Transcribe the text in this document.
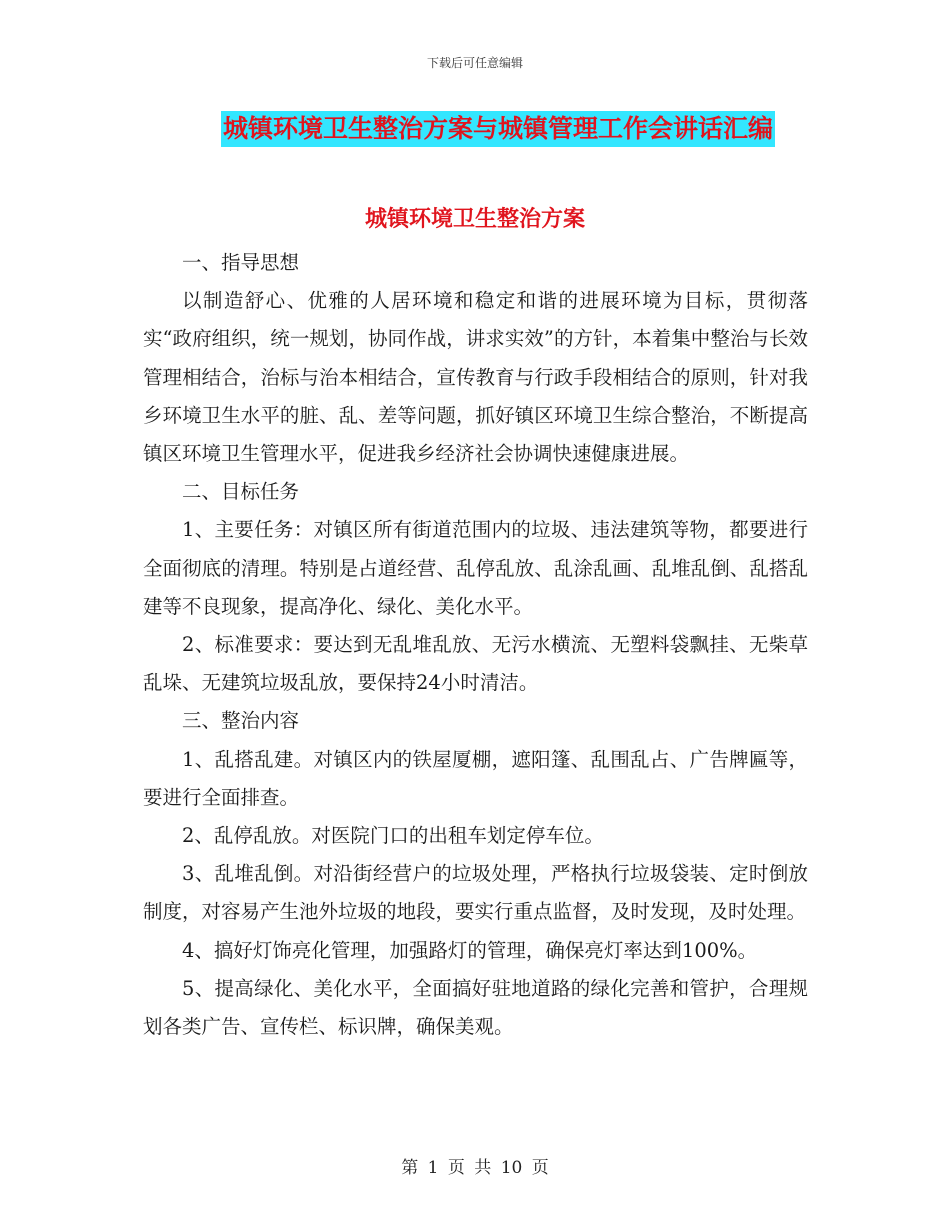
下载后可任意编辑
城镇环境卫生整治方案与城镇管理工作会讲话汇编
城镇环境卫生整治方案

一、指导思想

以制造舒心、优雅的人居环境和稳定和谐的进展环境为目标，贯彻落实“政府组织，统一规划，协同作战，讲求实效”的方针，本着集中整治与长效管理相结合，治标与治本相结合，宣传教育与行政手段相结合的原则，针对我乡环境卫生水平的脏、乱、差等问题，抓好镇区环境卫生综合整治，不断提高镇区环境卫生管理水平，促进我乡经济社会协调快速健康进展。

二、目标任务

1、主要任务：对镇区所有街道范围内的垃圾、违法建筑等物，都要进行全面彻底的清理。特别是占道经营、乱停乱放、乱涂乱画、乱堆乱倒、乱搭乱建等不良现象，提高净化、绿化、美化水平。

2、标准要求：要达到无乱堆乱放、无污水横流、无塑料袋飘挂、无柴草乱垛、无建筑垃圾乱放，要保持24小时清洁。

三、整治内容

1、乱搭乱建。对镇区内的铁屋厦棚，遮阳篷、乱围乱占、广告牌匾等，要进行全面排查。

2、乱停乱放。对医院门口的出租车划定停车位。

3、乱堆乱倒。对沿街经营户的垃圾处理，严格执行垃圾袋装、定时倒放制度，对容易产生池外垃圾的地段，要实行重点监督，及时发现，及时处理。

4、搞好灯饰亮化管理，加强路灯的管理，确保亮灯率达到100%。

5、提高绿化、美化水平，全面搞好驻地道路的绿化完善和管护，合理规划各类广告、宣传栏、标识牌，确保美观。

第 1 页 共 10 页
